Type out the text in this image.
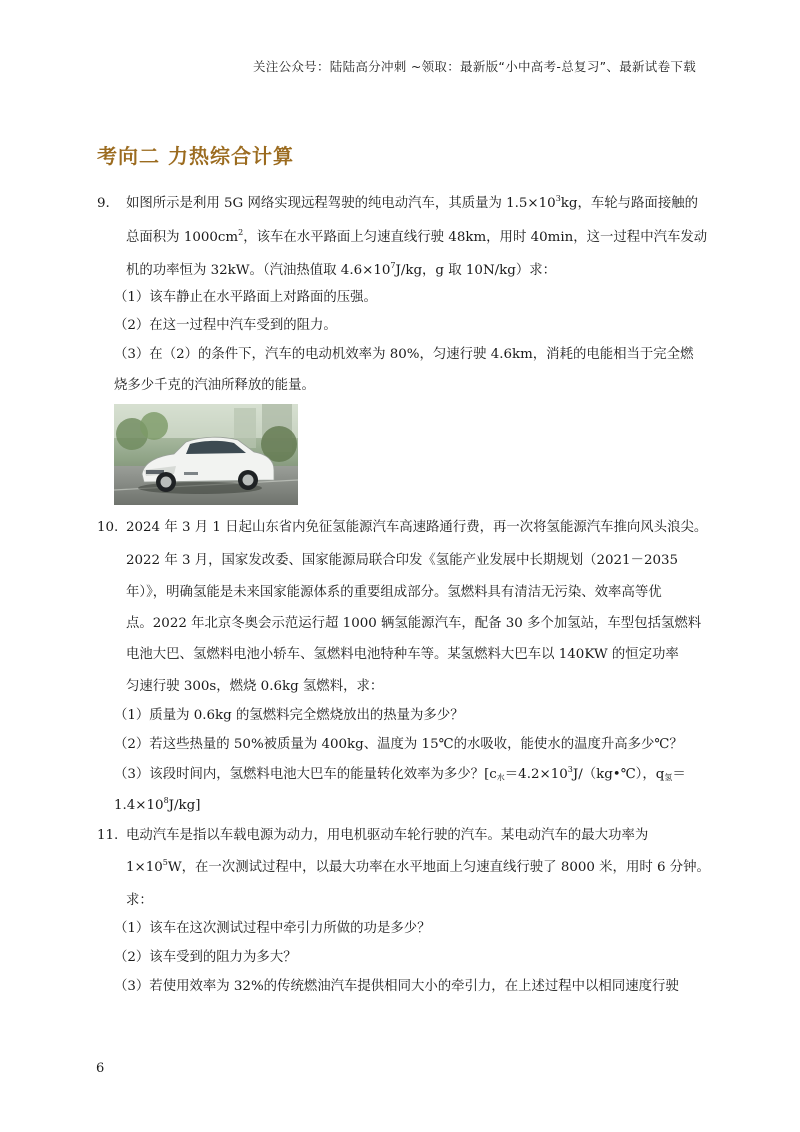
关注公众号：陆陆高分冲刺 ~领取：最新版“小中高考-总复习”、最新试卷下载
考向二 力热综合计算
9. 如图所示是利用 5G 网络实现远程驾驶的纯电动汽车，其质量为 $1.5\times 10^3kg$，车轮与路面接触的
总面积为 $1000cm^2$，该车在水平路面上匀速直线行驶 48km，用时 40min，这一过程中汽车发动
机的功率恒为 32kW。（汽油热值取 $4.6\times 10^7J/kg$，g 取 10N/kg）求：
（1）该车静止在水平路面上对路面的压强。
（2）在这一过程中汽车受到的阻力。
（3）在（2）的条件下，汽车的电动机效率为 80%，匀速行驶 4.6km，消耗的电能相当于完全燃
烧多少千克的汽油所释放的能量。
10. 2024 年 3 月 1 日起山东省内免征氢能源汽车高速路通行费，再一次将氢能源汽车推向风头浪尖。
2022 年 3 月，国家发改委、国家能源局联合印发《氢能产业发展中长期规划（2021－2035
年）》，明确氢能是未来国家能源体系的重要组成部分。氢燃料具有清洁无污染、效率高等优
点。2022 年北京冬奥会示范运行超 1000 辆氢能源汽车，配备 30 多个加氢站，车型包括氢燃料
电池大巴、氢燃料电池小轿车、氢燃料电池特种车等。某氢燃料大巴车以 140KW 的恒定功率
匀速行驶 300s，燃烧 0.6kg 氢燃料，求：
（1）质量为 0.6kg 的氢燃料完全燃烧放出的热量为多少？
（2）若这些热量的 50%被质量为 400kg、温度为 15℃的水吸收，能使水的温度升高多少℃？
（3）该段时间内，氢燃料电池大巴车的能量转化效率为多少？[$c_水=4.2\times 10^3J/(kg•℃)$，$q_氢=$
$1.4\times 10^8J/kg$]
11. 电动汽车是指以车载电源为动力，用电机驱动车轮行驶的汽车。某电动汽车的最大功率为
$1\times 10^5W$，在一次测试过程中，以最大功率在水平地面上匀速直线行驶了 8000 米，用时 6 分钟。
求：
（1）该车在这次测试过程中牵引力所做的功是多少？
（2）该车受到的阻力为多大？
（3）若使用效率为 32%的传统燃油汽车提供相同大小的牵引力，在上述过程中以相同速度行驶
6
